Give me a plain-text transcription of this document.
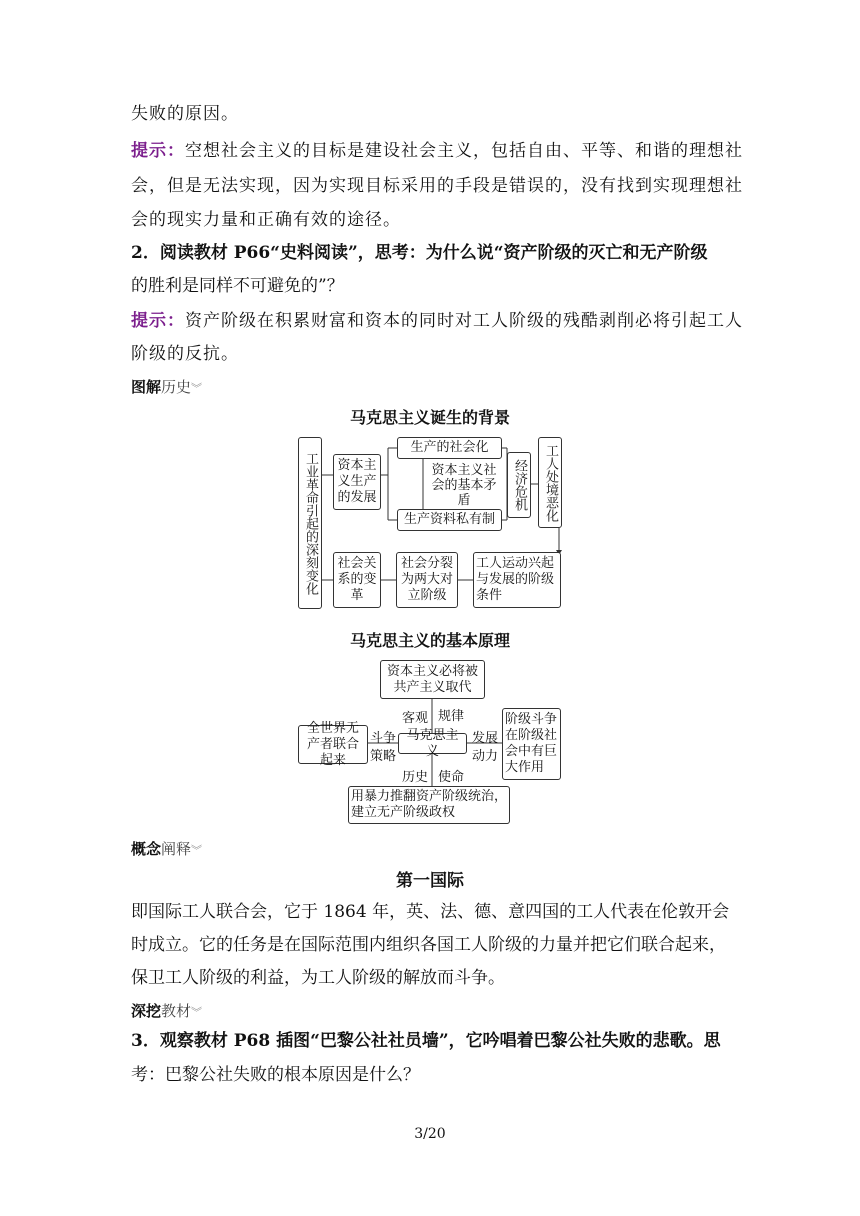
失败的原因。
提示：空想社会主义的目标是建设社会主义，包括自由、平等、和谐的理想社
会，但是无法实现，因为实现目标采用的手段是错误的，没有找到实现理想社
会的现实力量和正确有效的途径。
2．阅读教材 P66“史料阅读”，思考：为什么说“资产阶级的灭亡和无产阶级
的胜利是同样不可避免的”？
提示：资产阶级在积累财富和资本的同时对工人阶级的残酷剥削必将引起工人
阶级的反抗。
图解历史︾
马克思主义诞生的背景
工业革命引起的深刻变化	资本主义生产的发展
生产的社会化
资本主义社会的基本矛盾
生产资料私有制
经济危机	工人处境恶化
社会关系的变革
社会分裂为两大对立阶级
工人运动兴起与发展的阶级条件
马克思主义的基本原理
资本主义必将被共产主义取代
客观 规律
全世界无产者联合起来
斗争
策略
马克思主义
发展
动力
阶级斗争在阶级社会中有巨大作用
历史 使命
用暴力推翻资产阶级统治，建立无产阶级政权
概念阐释︾
第一国际
即国际工人联合会，它于 1864 年，英、法、德、意四国的工人代表在伦敦开会
时成立。它的任务是在国际范围内组织各国工人阶级的力量并把它们联合起来，
保卫工人阶级的利益，为工人阶级的解放而斗争。
深挖教材︾
3．观察教材 P68 插图“巴黎公社社员墙”，它吟唱着巴黎公社失败的悲歌。思
考：巴黎公社失败的根本原因是什么？
3/20
